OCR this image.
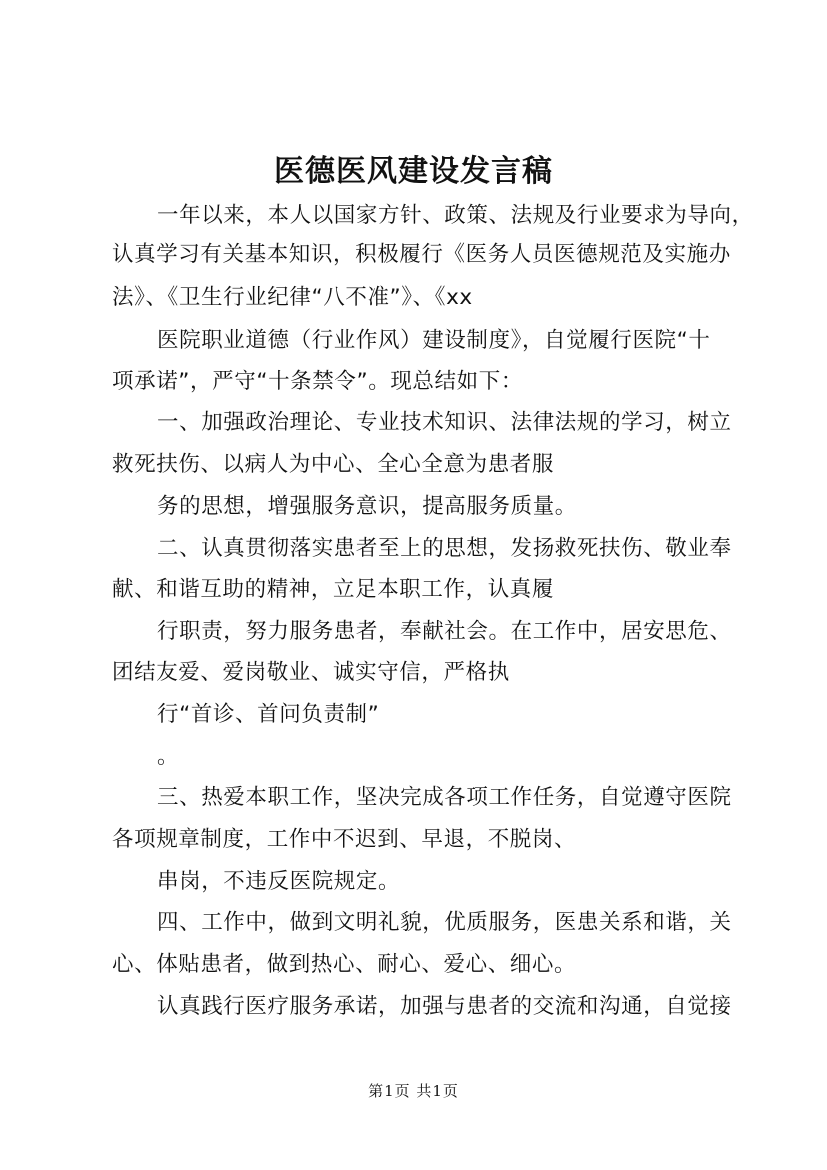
医德医风建设发言稿

一年以来，本人以国家方针、政策、法规及行业要求为导向，

认真学习有关基本知识，积极履行《医务人员医德规范及实施办

法》、《卫生行业纪律“八不准”》、《xx

医院职业道德（行业作风）建设制度》，自觉履行医院“十

项承诺”，严守“十条禁令”。现总结如下：

一、加强政治理论、专业技术知识、法律法规的学习，树立

救死扶伤、以病人为中心、全心全意为患者服

务的思想，增强服务意识，提高服务质量。

二、认真贯彻落实患者至上的思想，发扬救死扶伤、敬业奉

献、和谐互助的精神，立足本职工作，认真履

行职责，努力服务患者，奉献社会。在工作中，居安思危、

团结友爱、爱岗敬业、诚实守信，严格执

行“首诊、首问负责制”

。

三、热爱本职工作，坚决完成各项工作任务，自觉遵守医院

各项规章制度，工作中不迟到、早退，不脱岗、

串岗，不违反医院规定。

四、工作中，做到文明礼貌，优质服务，医患关系和谐，关

心、体贴患者，做到热心、耐心、爱心、细心。

认真践行医疗服务承诺，加强与患者的交流和沟通，自觉接

第1页 共1页
